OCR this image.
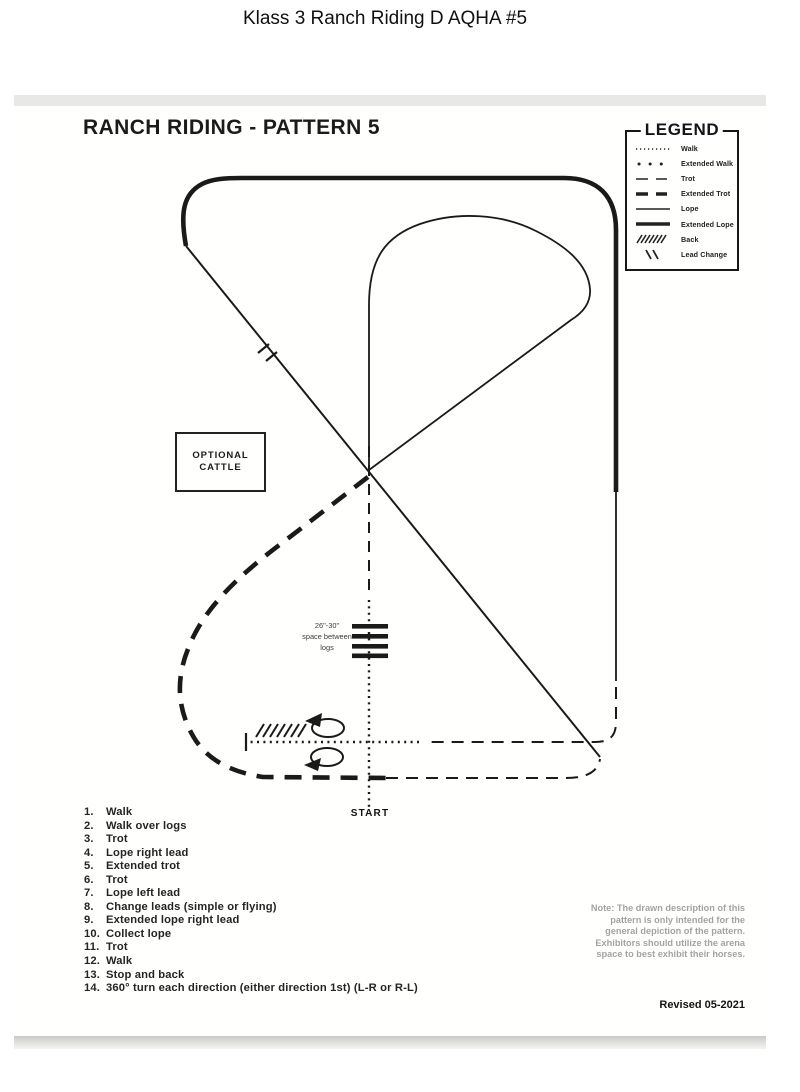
Klass 3 Ranch Riding D AQHA #5
RANCH RIDING - PATTERN 5	LEGEND
Walk
Extended Walk
Trot
Extended Trot
Lope
Extended Lope
Back
Lead Change
OPTIONAL
CATTLE
26"-30"
space between
logs
START
1.	Walk
2.	Walk over logs
3.	Trot
4.	Lope right lead
5.	Extended trot
6.	Trot
7.	Lope left lead
8.	Change leads (simple or flying)
9.	Extended lope right lead
10. Collect lope
11. Trot
12. Walk
13. Stop and back
14. 360° turn each direction (either direction 1st) (L-R or R-L)
Note: The drawn description of this
pattern is only intended for the
general depiction of the pattern.
Exhibitors should utilize the arena
space to best exhibit their horses.
Revised 05-2021
